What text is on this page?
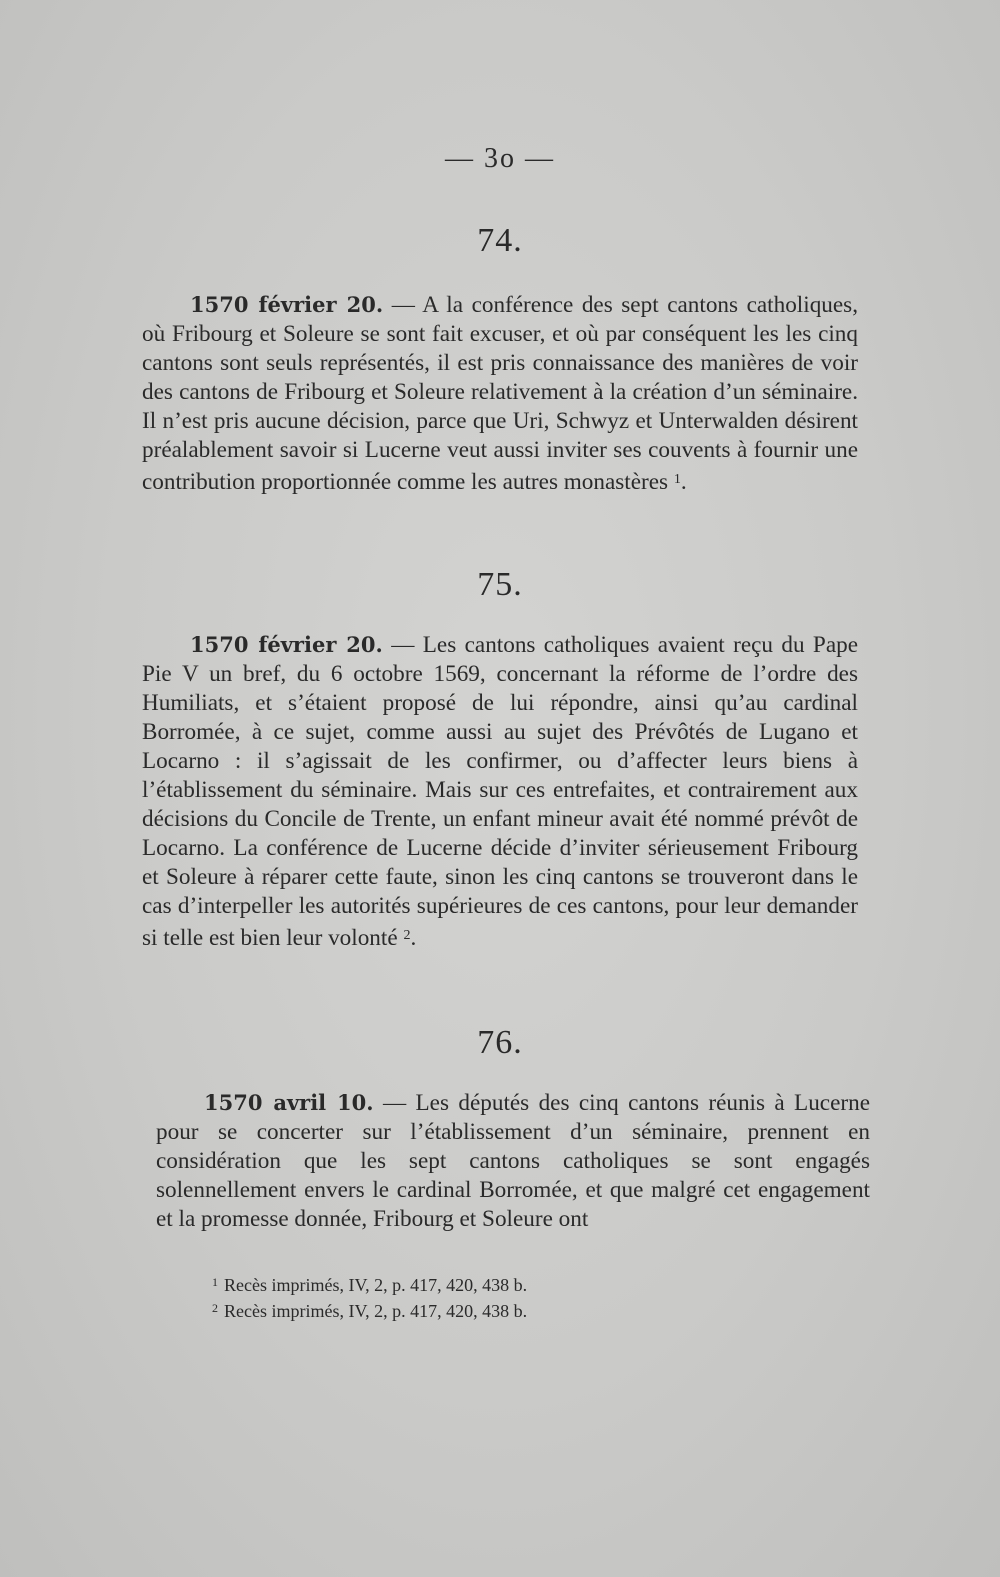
— 3o —
74.

1570 février 20. — A la conférence des sept cantons catholiques, où Fribourg et Soleure se sont fait excuser, et où par conséquent les les cinq cantons sont seuls représentés, il est pris connaissance des manières de voir des cantons de Fribourg et Soleure relativement à la création d’un séminaire. Il n’est pris aucune décision, parce que Uri, Schwyz et Unterwalden désirent préalablement savoir si Lucerne veut aussi inviter ses couvents à fournir une contribution proportionnée comme les autres monastères $^1$.

75.

1570 février 20. — Les cantons catholiques avaient reçu du Pape Pie V un bref, du 6 octobre 1569, concernant la réforme de l’ordre des Humiliats, et s’étaient proposé de lui répondre, ainsi qu’au cardinal Borromée, à ce sujet, comme aussi au sujet des Prévôtés de Lugano et Locarno : il s’agissait de les confirmer, ou d’affecter leurs biens à l’établissement du séminaire. Mais sur ces entrefaites, et contrairement aux décisions du Concile de Trente, un enfant mineur avait été nommé prévôt de Locarno. La conférence de Lucerne décide d’inviter sérieusement Fribourg et Soleure à réparer cette faute, sinon les cinq cantons se trouveront dans le cas d’interpeller les autorités supérieures de ces cantons, pour leur demander si telle est bien leur volonté $^2$.

76.

1570 avril 10. — Les députés des cinq cantons réunis à Lucerne pour se concerter sur l’établissement d’un séminaire, prennent en considération que les sept cantons catholiques se sont engagés solennellement envers le cardinal Borromée, et que malgré cet engagement et la promesse donnée, Fribourg et Soleure ont

$^1$ Recès imprimés, IV, 2, p. 417, 420, 438 b.
$^2$ Recès imprimés, IV, 2, p. 417, 420, 438 b.
